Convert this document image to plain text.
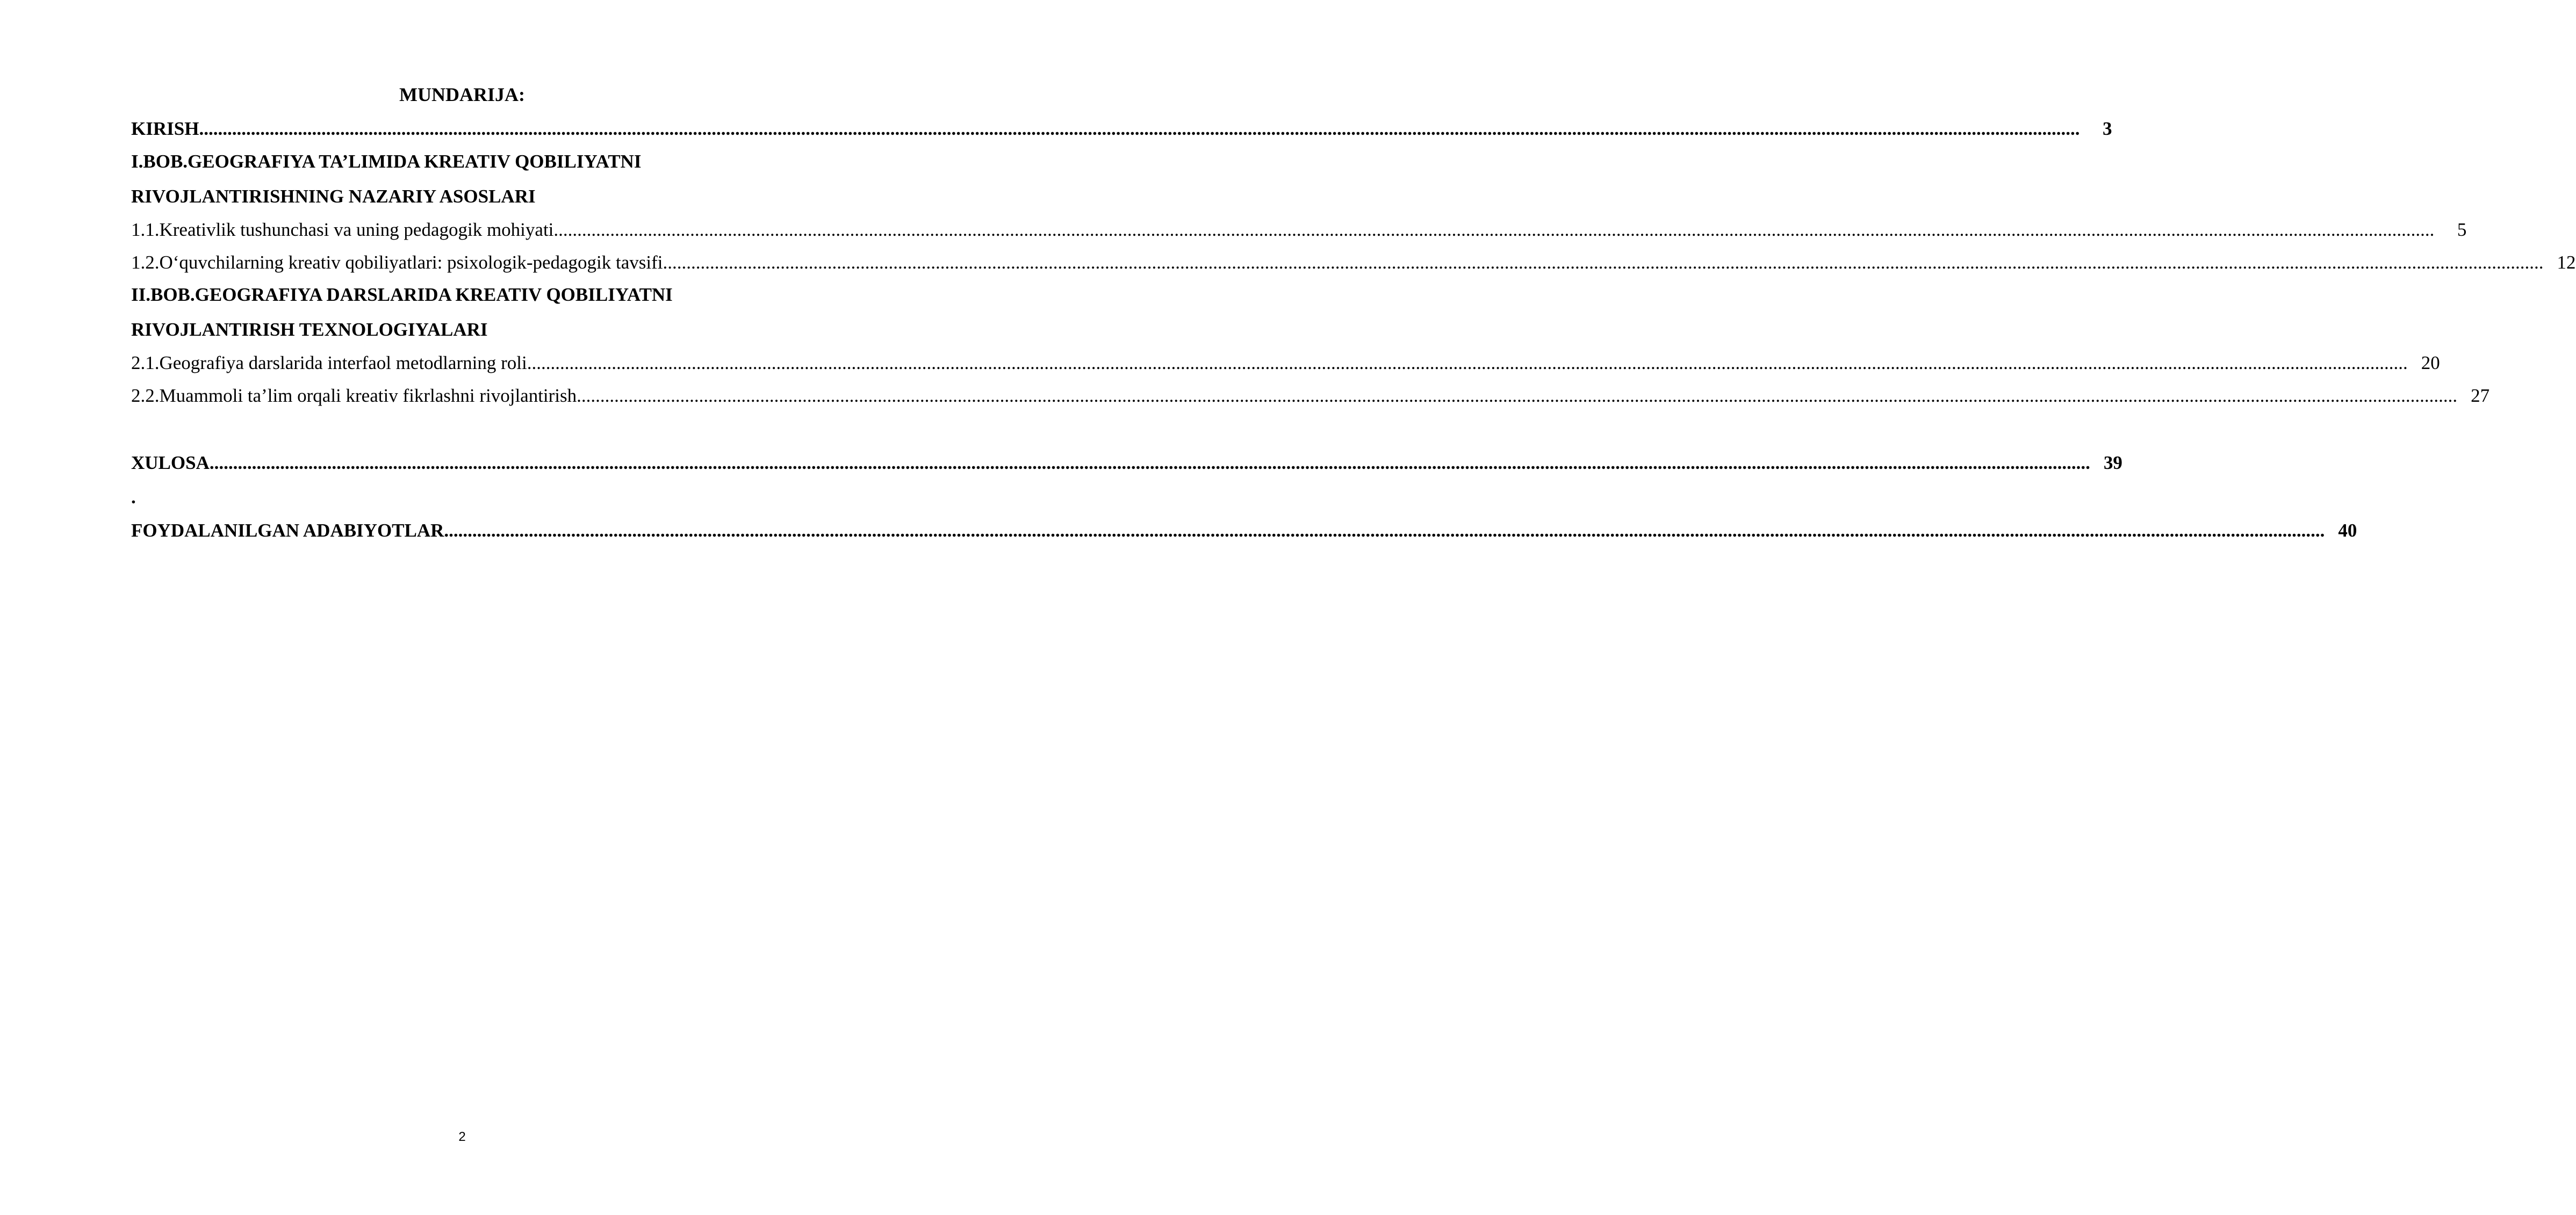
MUNDARIJA:
KIRISH ................................................................................................................................................................................................................................................................................................................................................................................................................	3
I.BOB.GEOGRAFIYA TA’LIMIDA KREATIV QOBILIYATNI
RIVOJLANTIRISHNING NAZARIY ASOSLARI
1.1.Kreativlik tushunchasi va uning pedagogik mohiyati ................................................................................................................................................................................................................................................................................................................................................................................................................	5
1.2.O‘quvchilarning kreativ qobiliyatlari: psixologik-pedagogik tavsifi ................................................................................................................................................................................................................................................................................................................................................................................................................ 12
II.BOB.GEOGRAFIYA DARSLARIDA KREATIV QOBILIYATNI
RIVOJLANTIRISH TEXNOLOGIYALARI
2.1.Geografiya darslarida interfaol metodlarning roli ................................................................................................................................................................................................................................................................................................................................................................................................................ 20
2.2.Muammoli ta’lim orqali kreativ fikrlashni rivojlantirish ................................................................................................................................................................................................................................................................................................................................................................................................................ 27
XULOSA ................................................................................................................................................................................................................................................................................................................................................................................................................ 39
.
FOYDALANILGAN ADABIYOTLAR ................................................................................................................................................................................................................................................................................................................................................................................................................ 40
2
